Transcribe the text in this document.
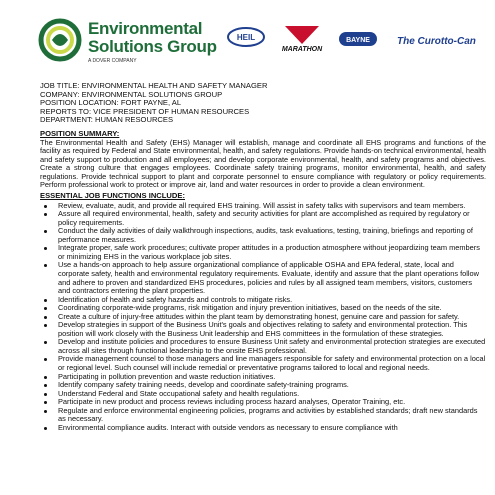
Environmental
Solutions Group
A DOVER COMPANY
HEIL
MARATHON
BAYNE	The Curotto-Can
JOB TITLE: ENVIRONMENTAL HEALTH AND SAFETY MANAGER
COMPANY: ENVIRONMENTAL SOLUTIONS GROUP
POSITION LOCATION: FORT PAYNE, AL
REPORTS TO: VICE PRESIDENT OF HUMAN RESOURCES
DEPARTMENT: HUMAN RESOURCES
POSITION SUMMARY:

The Environmental Health and Safety (EHS) Manager will establish, manage and coordinate all EHS programs and functions of the facility as required by Federal and State environmental, health, and safety regulations. Provide hands-on technical environmental, health and safety support to production and all employees; and develop corporate environmental, health, and safety programs and objectives. Create a strong culture that engages employees. Coordinate safety training programs, monitor environmental, health, and safety regulations. Provide technical support to plant and corporate personnel to ensure compliance with regulatory or policy requirements. Perform professional work to protect or improve air, land and water resources in order to provide a clean environment.

ESSENTIAL JOB FUNCTIONS INCLUDE:
Review, evaluate, audit, and provide all required EHS training. Will assist in safety talks with supervisors and team members.
Assure all required environmental, health, safety and security activities for plant are accomplished as required by regulatory or policy requirements.
Conduct the daily activities of daily walkthrough inspections, audits, task evaluations, testing, training, briefings and reporting of performance measures.
Integrate proper, safe work procedures; cultivate proper attitudes in a production atmosphere without jeopardizing team members or minimizing EHS in the various workplace job sites.
Use a hands-on approach to help assure organizational compliance of applicable OSHA and EPA federal, state, local and corporate safety, health and environmental regulatory requirements. Evaluate, identify and assure that the plant operations follow and adhere to proven and standardized EHS procedures, policies and rules by all assigned team members, visitors, customers and contractors entering the plant properties.
Identification of health and safety hazards and controls to mitigate risks.
Coordinating corporate-wide programs, risk mitigation and injury prevention initiatives, based on the needs of the site.
Create a culture of injury-free attitudes within the plant team by demonstrating honest, genuine care and passion for safety.
Develop strategies in support of the Business Unit's goals and objectives relating to safety and environmental protection. This position will work closely with the Business Unit leadership and EHS committees in the formulation of these strategies.
Develop and institute policies and procedures to ensure Business Unit safety and environmental protection strategies are executed across all sites through functional leadership to the onsite EHS professional.
Provide management counsel to those managers and line managers responsible for safety and environmental protection on a local or regional level. Such counsel will include remedial or preventative programs tailored to local and regional needs.
Participating in pollution prevention and waste reduction initiatives.
Identify company safety training needs, develop and coordinate safety-training programs.
Understand Federal and State occupational safety and health regulations.
Participate in new product and process reviews including process hazard analyses, Operator Training, etc.
Regulate and enforce environmental engineering policies, programs and activities by established standards; draft new standards as necessary.
Environmental compliance audits. Interact with outside vendors as necessary to ensure compliance with
